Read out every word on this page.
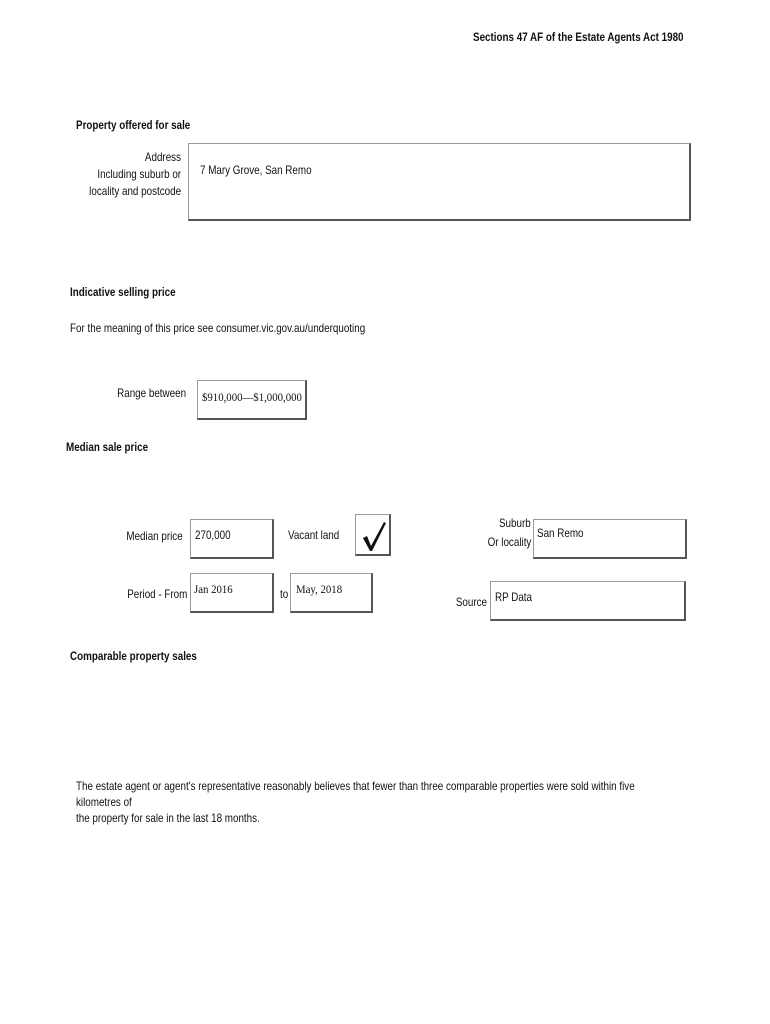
Sections 47 AF of the Estate Agents Act 1980
Property offered for sale
Address
Including suburb or
locality and postcode
7 Mary Grove, San Remo
Indicative selling price
For the meaning of this price see consumer.vic.gov.au/underquoting
Range between $910,000—$1,000,000
Median sale price
Median price 270,000	Vacant land
Suburb
Or locality
San Remo
Period - From Jan 2016	to May, 2018
Source RP Data
Comparable property sales
The estate agent or agent's representative reasonably believes that fewer than three comparable properties were sold within five kilometres of
the property for sale in the last 18 months.
